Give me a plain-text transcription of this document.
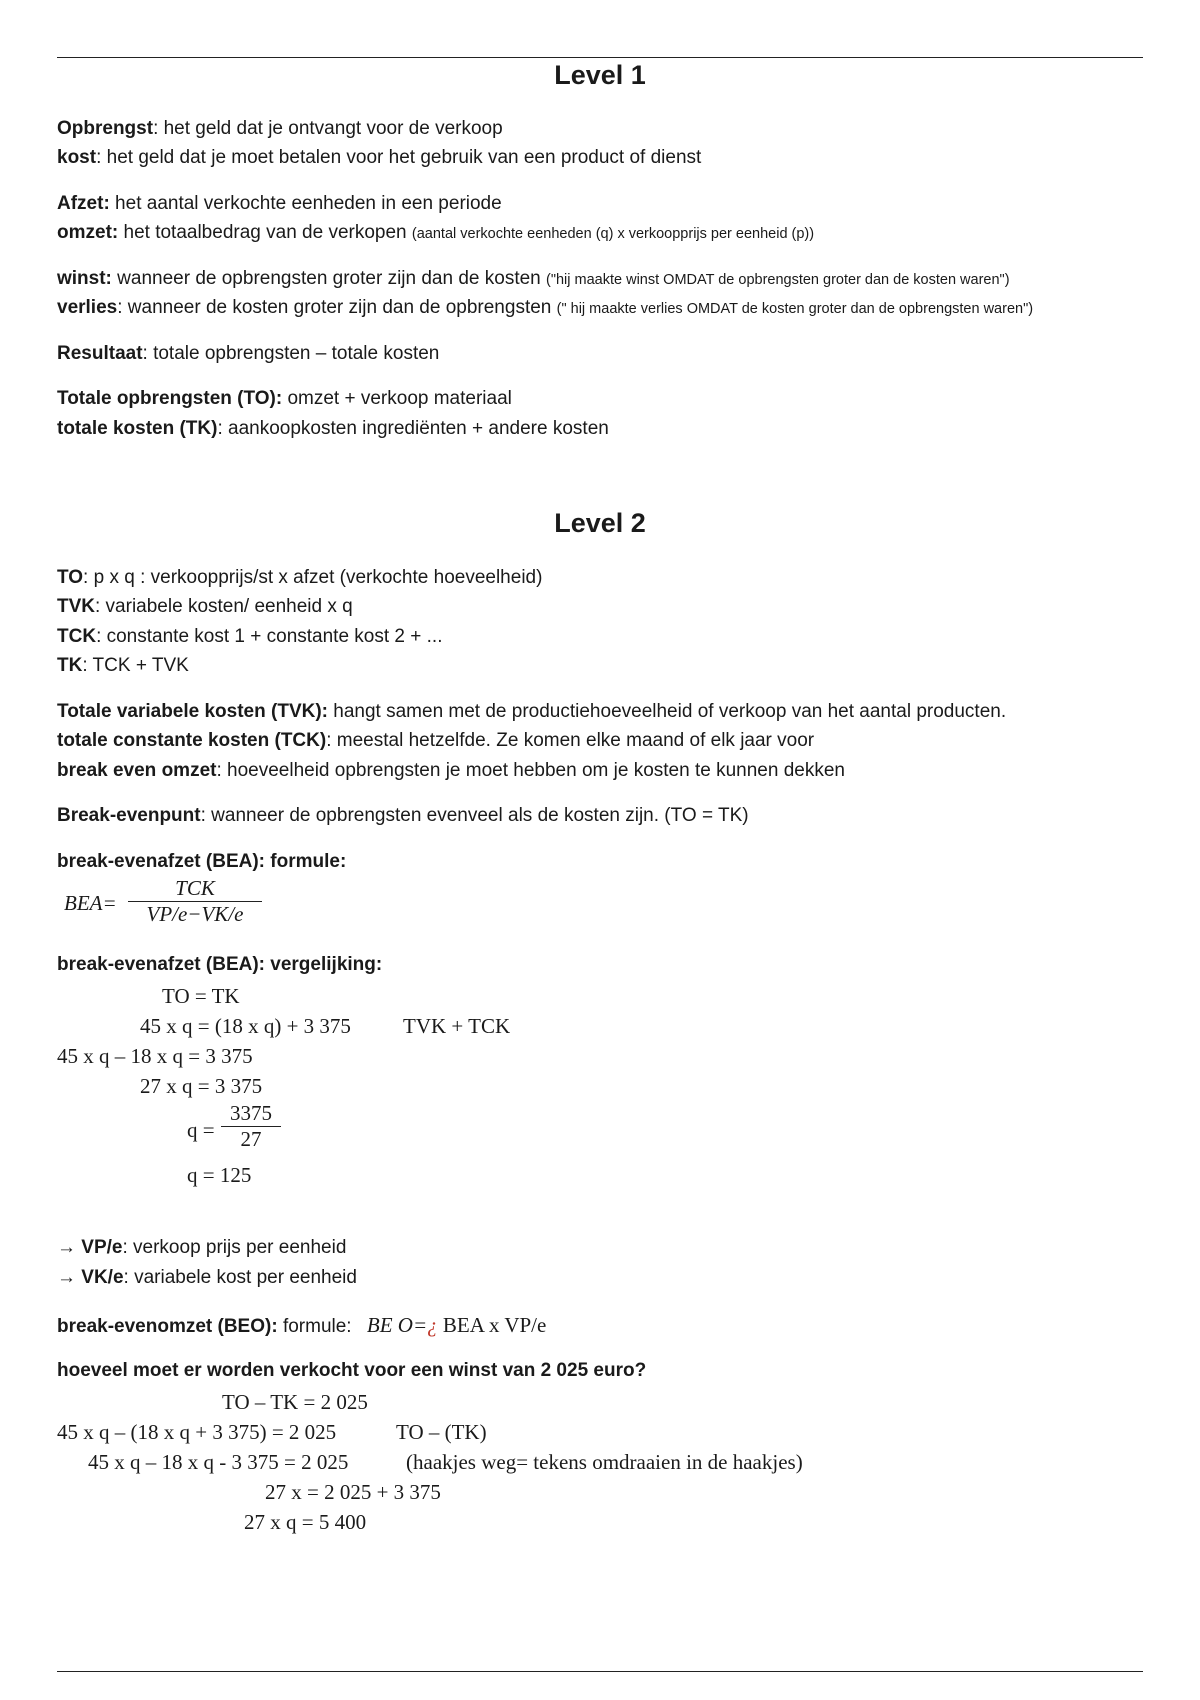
Level 1
Opbrengst: het geld dat je ontvangt voor de verkoop
kost: het geld dat je moet betalen voor het gebruik van een product of dienst
Afzet: het aantal verkochte eenheden in een periode
omzet: het totaalbedrag van de verkopen (aantal verkochte eenheden (q) x verkoopprijs per eenheid (p))
winst: wanneer de opbrengsten groter zijn dan de kosten ("hij maakte winst OMDAT de opbrengsten groter dan de kosten waren")
verlies: wanneer de kosten groter zijn dan de opbrengsten (" hij maakte verlies OMDAT de kosten groter dan de opbrengsten waren")
Resultaat: totale opbrengsten – totale kosten
Totale opbrengsten (TO): omzet + verkoop materiaal
totale kosten (TK): aankoopkosten ingrediënten + andere kosten
Level 2
TO: p x q : verkoopprijs/st x afzet (verkochte hoeveelheid)
TVK: variabele kosten/ eenheid x q
TCK: constante kost 1 + constante kost 2 + ...
TK: TCK + TVK
Totale variabele kosten (TVK): hangt samen met de productiehoeveelheid of verkoop van het aantal producten.
totale constante kosten (TCK): meestal hetzelfde. Ze komen elke maand of elk jaar voor
break even omzet: hoeveelheid opbrengsten je moet hebben om je kosten te kunnen dekken
Break-evenpunt: wanneer de opbrengsten evenveel als de kosten zijn. (TO = TK)
break-evenafzet (BEA): formule:
BEA=
TCK
VP/e−VK/e
break-evenafzet (BEA): vergelijking:
TO = TK
45 x q = (18 x q) + 3 375 TVK + TCK
45 x q – 18 x q = 3 375
27 x q = 3 375
q =
3375
27
q = 125
→ VP/e: verkoop prijs per eenheid
→ VK/e: variabele kost per eenheid
break-evenomzet (BEO): formule: BE O=¿ BEA x VP/e
hoeveel moet er worden verkocht voor een winst van 2 025 euro?
TO – TK = 2 025
45 x q – (18 x q + 3 375) = 2 025	TO – (TK)
45 x q – 18 x q - 3 375 = 2 025	(haakjes weg= tekens omdraaien in de haakjes)
27 x = 2 025 + 3 375
27 x q = 5 400
